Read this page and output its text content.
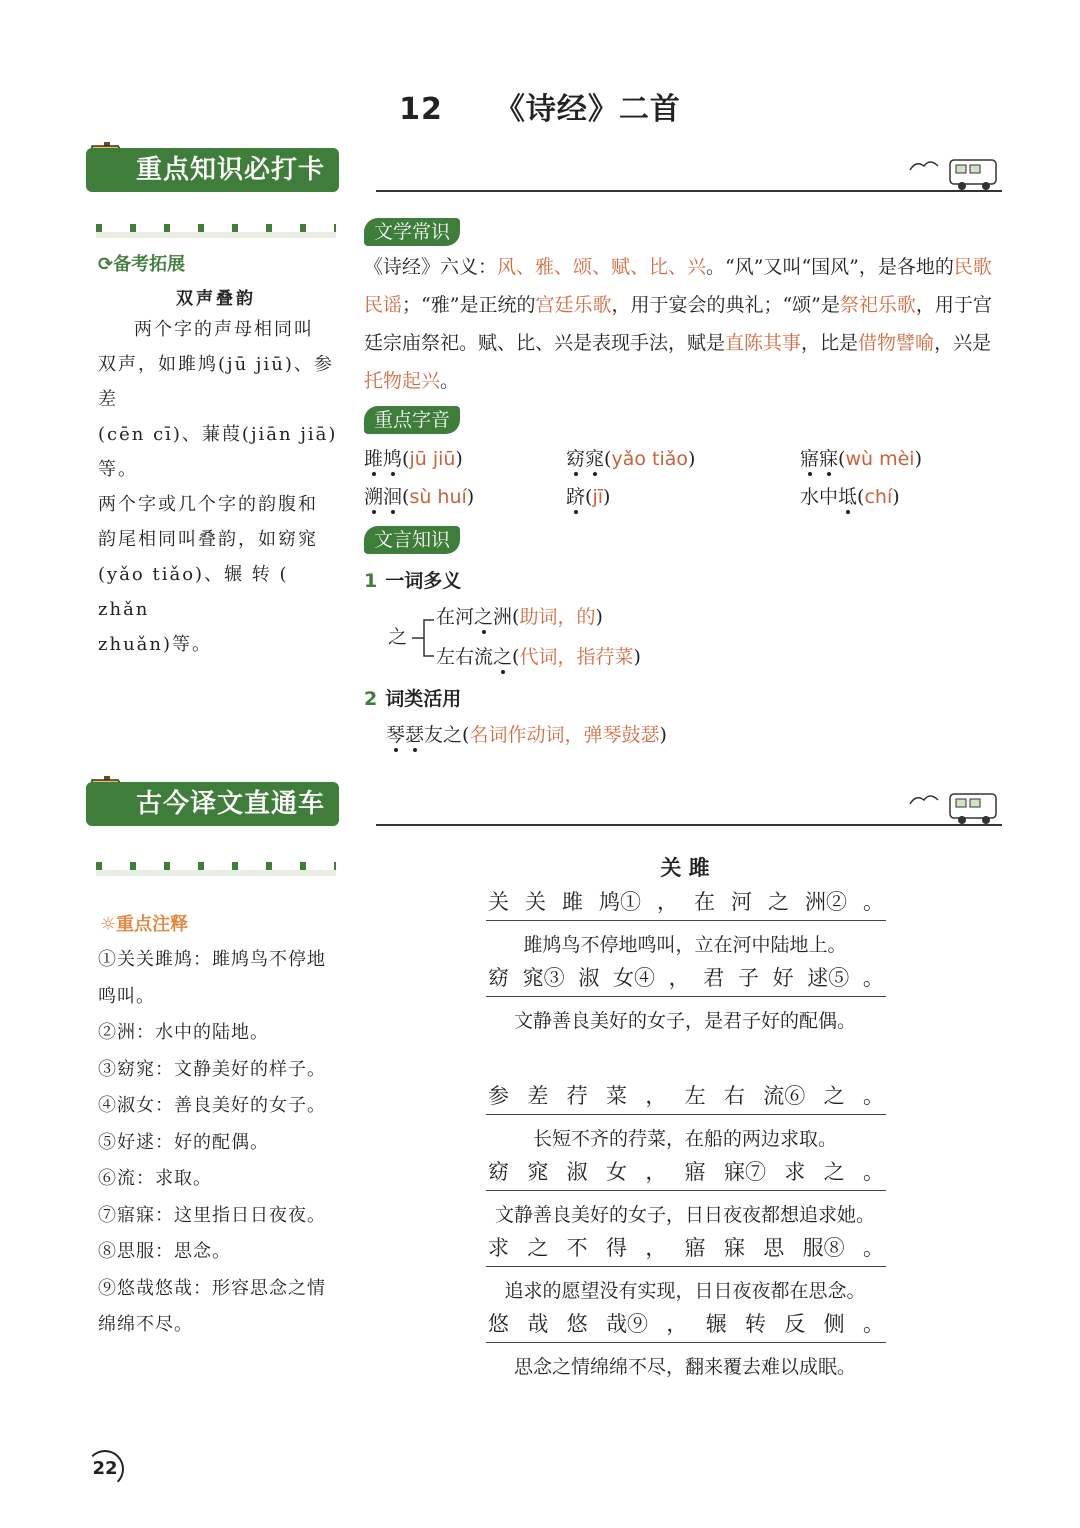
12 《诗经》二首
重点知识必打卡
⟳备考拓展
双声叠韵
两个字的声母相同叫
双声，如雎鸠(jū jiū)、参差
(cēn cī)、蒹葭(jiān jiā)等。
两个字或几个字的韵腹和
韵尾相同叫叠韵，如窈窕
(yǎo tiǎo)、辗 转 ( zhǎn
zhuǎn)等。
文学常识
《诗经》六义：风、雅、颂、赋、比、兴。“风”又叫“国风”，是各地的民歌民谣；“雅”是正统的宫廷乐歌，用于宴会的典礼；“颂”是祭祀乐歌，用于宫廷宗庙祭祀。赋、比、兴是表现手法，赋是直陈其事，比是借物譬喻，兴是托物起兴。
重点字音
雎鸠(jū jiū)	窈窕(yǎo tiǎo)	寤寐(wù mèi)
溯洄(sù huí)	跻(jī)	水中坻(chí)
文言知识
1 一词多义
之
在河之洲(助词，的)
左右流之(代词，指荇菜)
2 词类活用
琴瑟友之(名词作动词，弹琴鼓瑟)
古今译文直通车
☼重点注释
①关关雎鸠：雎鸠鸟不停地
鸣叫。
②洲：水中的陆地。
③窈窕：文静美好的样子。
④淑女：善良美好的女子。
⑤好逑：好的配偶。
⑥流：求取。
⑦寤寐：这里指日日夜夜。
⑧思服：思念。
⑨悠哉悠哉：形容思念之情
绵绵不尽。
关 雎
关 关 雎 鸠① ， 在 河 之 洲② 。
雎鸠鸟不停地鸣叫，立在河中陆地上。
窈 窕③ 淑 女④ ， 君 子 好 逑⑤ 。
文静善良美好的女子，是君子好的配偶。
参 差 荇 菜 ， 左 右 流⑥ 之 。
长短不齐的荇菜，在船的两边求取。
窈 窕 淑 女 ， 寤 寐⑦ 求 之 。
文静善良美好的女子，日日夜夜都想追求她。
求 之 不 得 ， 寤 寐 思 服⑧ 。
追求的愿望没有实现，日日夜夜都在思念。
悠 哉 悠 哉⑨ ， 辗 转 反 侧 。
思念之情绵绵不尽，翻来覆去难以成眠。
22
